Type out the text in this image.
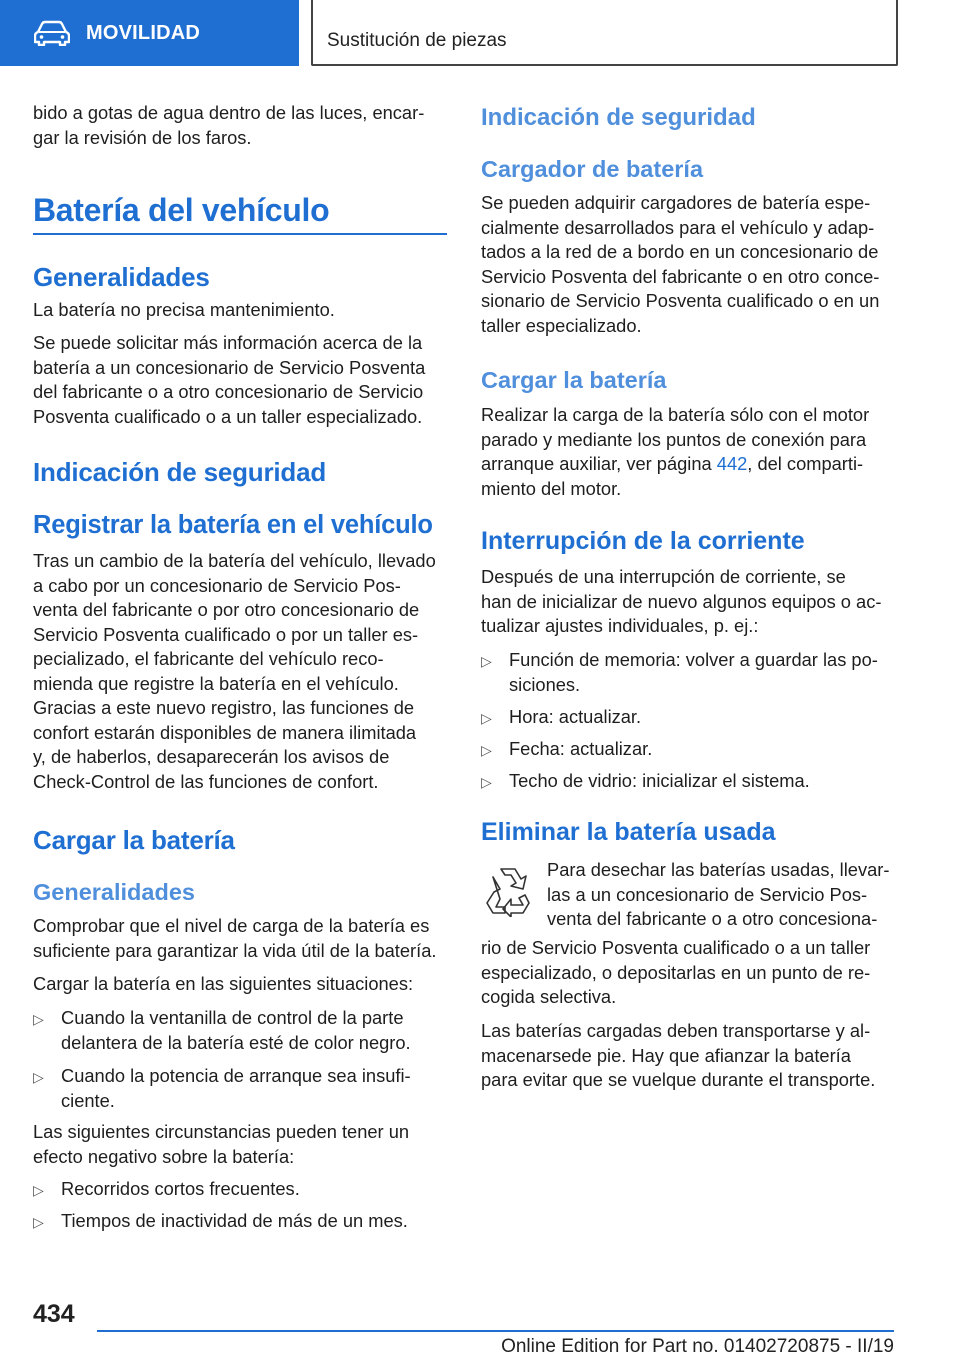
MOVILIDAD	Sustitución de piezas

bido a gotas de agua dentro de las luces, encar‐
gar la revisión de los faros.

Batería del vehículo
Generalidades

La batería no precisa mantenimiento.

Se puede solicitar más información acerca de la
batería a un concesionario de Servicio Posventa
del fabricante o a otro concesionario de Servicio
Posventa cualificado o a un taller especializado.

Indicación de seguridad
Registrar la batería en el vehículo

Tras un cambio de la batería del vehículo, llevado
a cabo por un concesionario de Servicio Pos‐
venta del fabricante o por otro concesionario de
Servicio Posventa cualificado o por un taller es‐
pecializado, el fabricante del vehículo reco‐
mienda que registre la batería en el vehículo.
Gracias a este nuevo registro, las funciones de
confort estarán disponibles de manera ilimitada
y, de haberlos, desaparecerán los avisos de
Check-Control de las funciones de confort.

Cargar la batería
Generalidades

Comprobar que el nivel de carga de la batería es
suficiente para garantizar la vida útil de la batería.

Cargar la batería en las siguientes situaciones:

▷ Cuando la ventanilla de control de la parte
delantera de la batería esté de color negro.

▷ Cuando la potencia de arranque sea insufi‐
ciente.

Las siguientes circunstancias pueden tener un
efecto negativo sobre la batería:

▷ Recorridos cortos frecuentes.

▷ Tiempos de inactividad de más de un mes.

Indicación de seguridad
Cargador de batería

Se pueden adquirir cargadores de batería espe‐
cialmente desarrollados para el vehículo y adap‐
tados a la red de a bordo en un concesionario de
Servicio Posventa del fabricante o en otro conce‐
sionario de Servicio Posventa cualificado o en un
taller especializado.

Cargar la batería

Realizar la carga de la batería sólo con el motor
parado y mediante los puntos de conexión para
arranque auxiliar, ver página 442, del comparti‐
miento del motor.

Interrupción de la corriente

Después de una interrupción de corriente, se
han de inicializar de nuevo algunos equipos o ac‐
tualizar ajustes individuales, p. ej.:

▷ Función de memoria: volver a guardar las po‐
siciones.

▷ Hora: actualizar.

▷ Fecha: actualizar.

▷ Techo de vidrio: inicializar el sistema.

Eliminar la batería usada

Para desechar las baterías usadas, llevar‐
las a un concesionario de Servicio Pos‐
venta del fabricante o a otro concesiona‐

rio de Servicio Posventa cualificado o a un taller
especializado, o depositarlas en un punto de re‐
cogida selectiva.

Las baterías cargadas deben transportarse y al‐
macenarsede pie. Hay que afianzar la batería
para evitar que se vuelque durante el transporte.

434
Online Edition for Part no. 01402720875 - II/19
